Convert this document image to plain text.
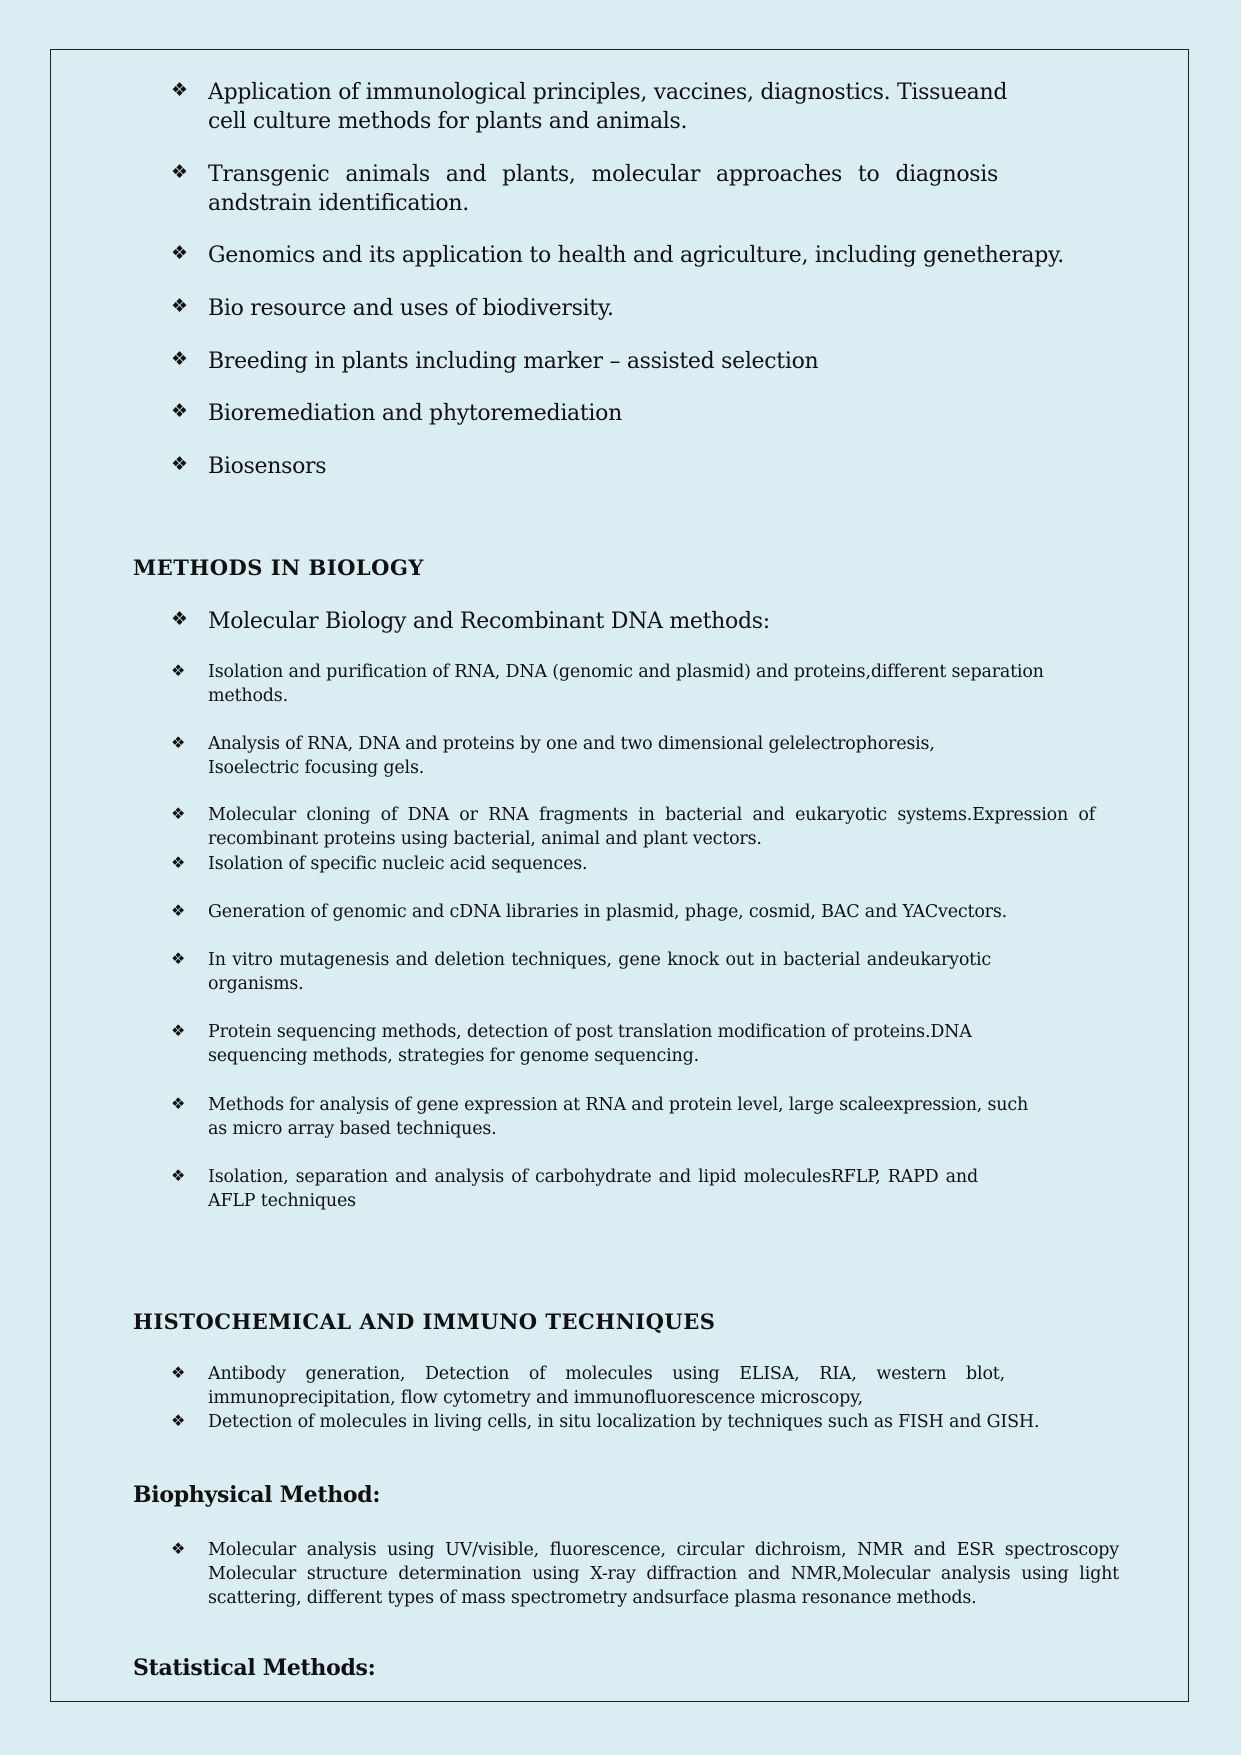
❖ Application of immunological principles, vaccines, diagnostics. Tissueand cell culture methods for plants and animals.
❖ Transgenic animals and plants, molecular approaches to diagnosis andstrain identification.
❖ Genomics and its application to health and agriculture, including genetherapy.
❖ Bio resource and uses of biodiversity.
❖ Breeding in plants including marker – assisted selection
❖ Bioremediation and phytoremediation
❖ Biosensors
METHODS IN BIOLOGY
❖ Molecular Biology and Recombinant DNA methods:
❖ Isolation and purification of RNA, DNA (genomic and plasmid) and proteins,different separation methods.
❖ Analysis of RNA, DNA and proteins by one and two dimensional gelelectrophoresis, Isoelectric focusing gels.
❖ Molecular cloning of DNA or RNA fragments in bacterial and eukaryotic systems.Expression of recombinant proteins using bacterial, animal and plant vectors.
❖ Isolation of specific nucleic acid sequences.
❖ Generation of genomic and cDNA libraries in plasmid, phage, cosmid, BAC and YACvectors.
❖ In vitro mutagenesis and deletion techniques, gene knock out in bacterial andeukaryotic organisms.
❖ Protein sequencing methods, detection of post translation modification of proteins.DNA sequencing methods, strategies for genome sequencing.
❖ Methods for analysis of gene expression at RNA and protein level, large scaleexpression, such as micro array based techniques.
❖ Isolation, separation and analysis of carbohydrate and lipid moleculesRFLP, RAPD and AFLP techniques
HISTOCHEMICAL AND IMMUNO TECHNIQUES
❖ Antibody generation, Detection of molecules using ELISA, RIA, western blot, immunoprecipitation, flow cytometry and immunofluorescence microscopy,
❖ Detection of molecules in living cells, in situ localization by techniques such as FISH and GISH.
Biophysical Method:
❖ Molecular analysis using UV/visible, fluorescence, circular dichroism, NMR and ESR spectroscopy Molecular structure determination using X-ray diffraction and NMR,Molecular analysis using light scattering, different types of mass spectrometry andsurface plasma resonance methods.
Statistical Methods:
